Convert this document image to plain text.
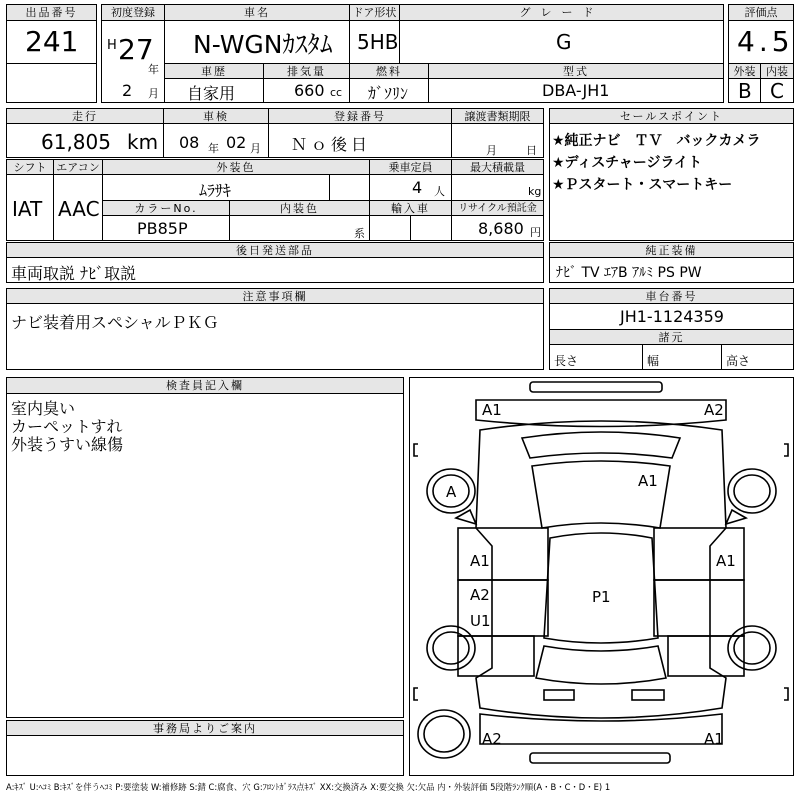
出品番号
241
初度登録
H 27
年
2 月
車名
N-WGNｶｽﾀﾑ
ドア形状
5HB
グレード
G
評価点
4.5
車歴
自家用
排気量
660 cc
燃料
ｶﾞｿﾘﾝ
型式
DBA-JH1
外装
B
内装
C
走行
61,805 km
車検
08 年 02 月
登録番号
Ｎｏ後日
譲渡書類期限
月	日
セールスポイント
★純正ナビ　ＴＶ　バックカメラ
★ディスチャージライト
★Ｐスタート・スマートキー
シフト
IAT
エアコン
AAC
外装色
ﾑﾗｻｷ
乗車定員
4 人
最大積載量
kg
カラーNo.
PB85P
内装色
系
輸入車	リサイクル預託金
8,680 円
後日発送部品
車両取説 ﾅﾋﾞ取説
純正装備
ﾅﾋﾞ TV ｴｱB ｱﾙﾐ PS PW
注意事項欄
ナビ装着用スペシャルＰＫＧ
車台番号
JH1-1124359
諸元
長さ	幅	高さ
検査員記入欄
室内臭い
カーペットすれ
外装うすい線傷
事務局よりご案内
A1	A2
A1
A
A1	A1
A2
U1
P1
A2	A1
A:ｷｽﾞ U:ﾍｺﾐ B:ｷｽﾞを伴うﾍｺﾐ P:要塗装 W:補修跡 S:錆 C:腐食、穴 G:ﾌﾛﾝﾄｶﾞﾗｽ点ｷｽﾞ XX:交換済み X:要交換 欠:欠品 内・外装評価 5段階ﾗﾝｸ順(A・B・C・D・E) 1
